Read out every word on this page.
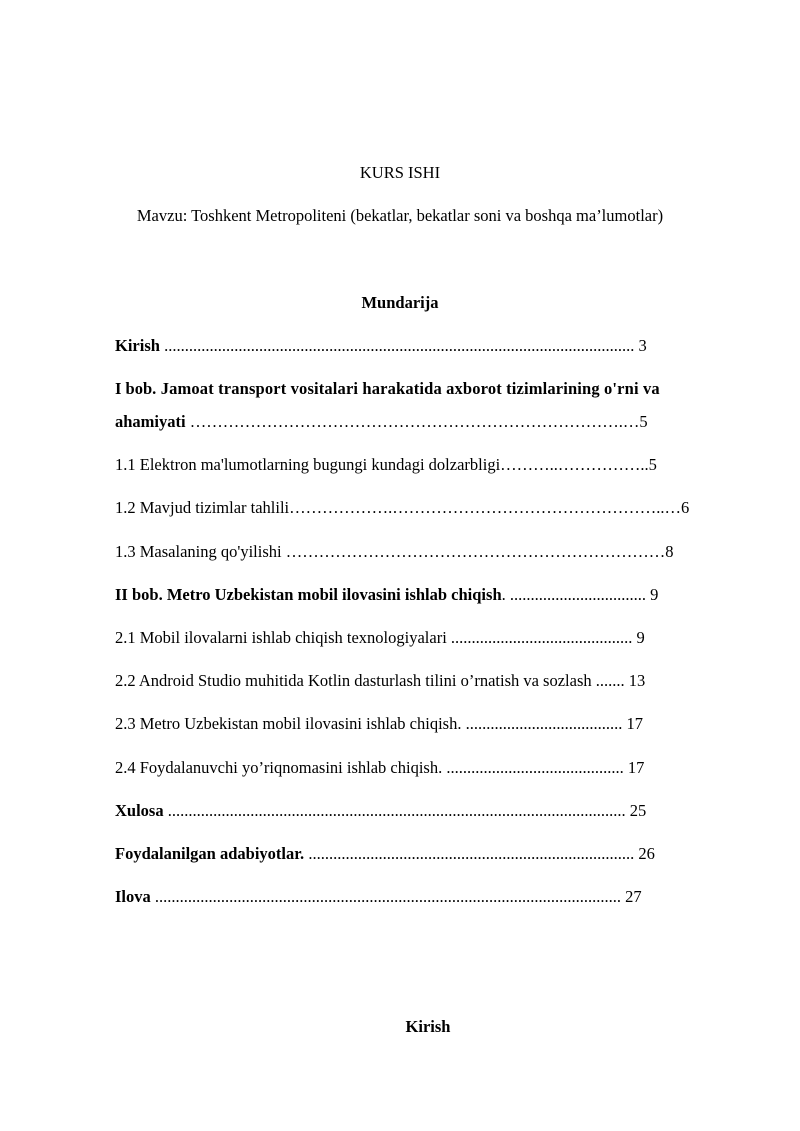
KURS ISHI
Mavzu: Toshkent Metropoliteni (bekatlar, bekatlar soni va boshqa ma’lumotlar)
Mundarija
Kirish .................................................................................................................. 3
I bob. Jamoat transport vositalari harakatida axborot tizimlarining o'rni va
ahamiyati …………………………………………………………………….…5
1.1 Elektron ma'lumotlarning bugungi kundagi dolzarbligi………..……………..5
1.2 Mavjud tizimlar tahlili……………….…………………………………………..…6
1.3 Masalaning qo'yilishi ……………………………………………………………8
II bob. Metro Uzbekistan mobil ilovasini ishlab chiqish. ................................. 9
2.1 Mobil ilovalarni ishlab chiqish texnologiyalari ............................................ 9
2.2 Android Studio muhitida Kotlin dasturlash tilini o’rnatish va sozlash ....... 13
2.3 Metro Uzbekistan mobil ilovasini ishlab chiqish. ...................................... 17
2.4 Foydalanuvchi yo’riqnomasini ishlab chiqish. ........................................... 17
Xulosa ............................................................................................................... 25
Foydalanilgan adabiyotlar. ............................................................................... 26
Ilova ................................................................................................................. 27
Kirish
